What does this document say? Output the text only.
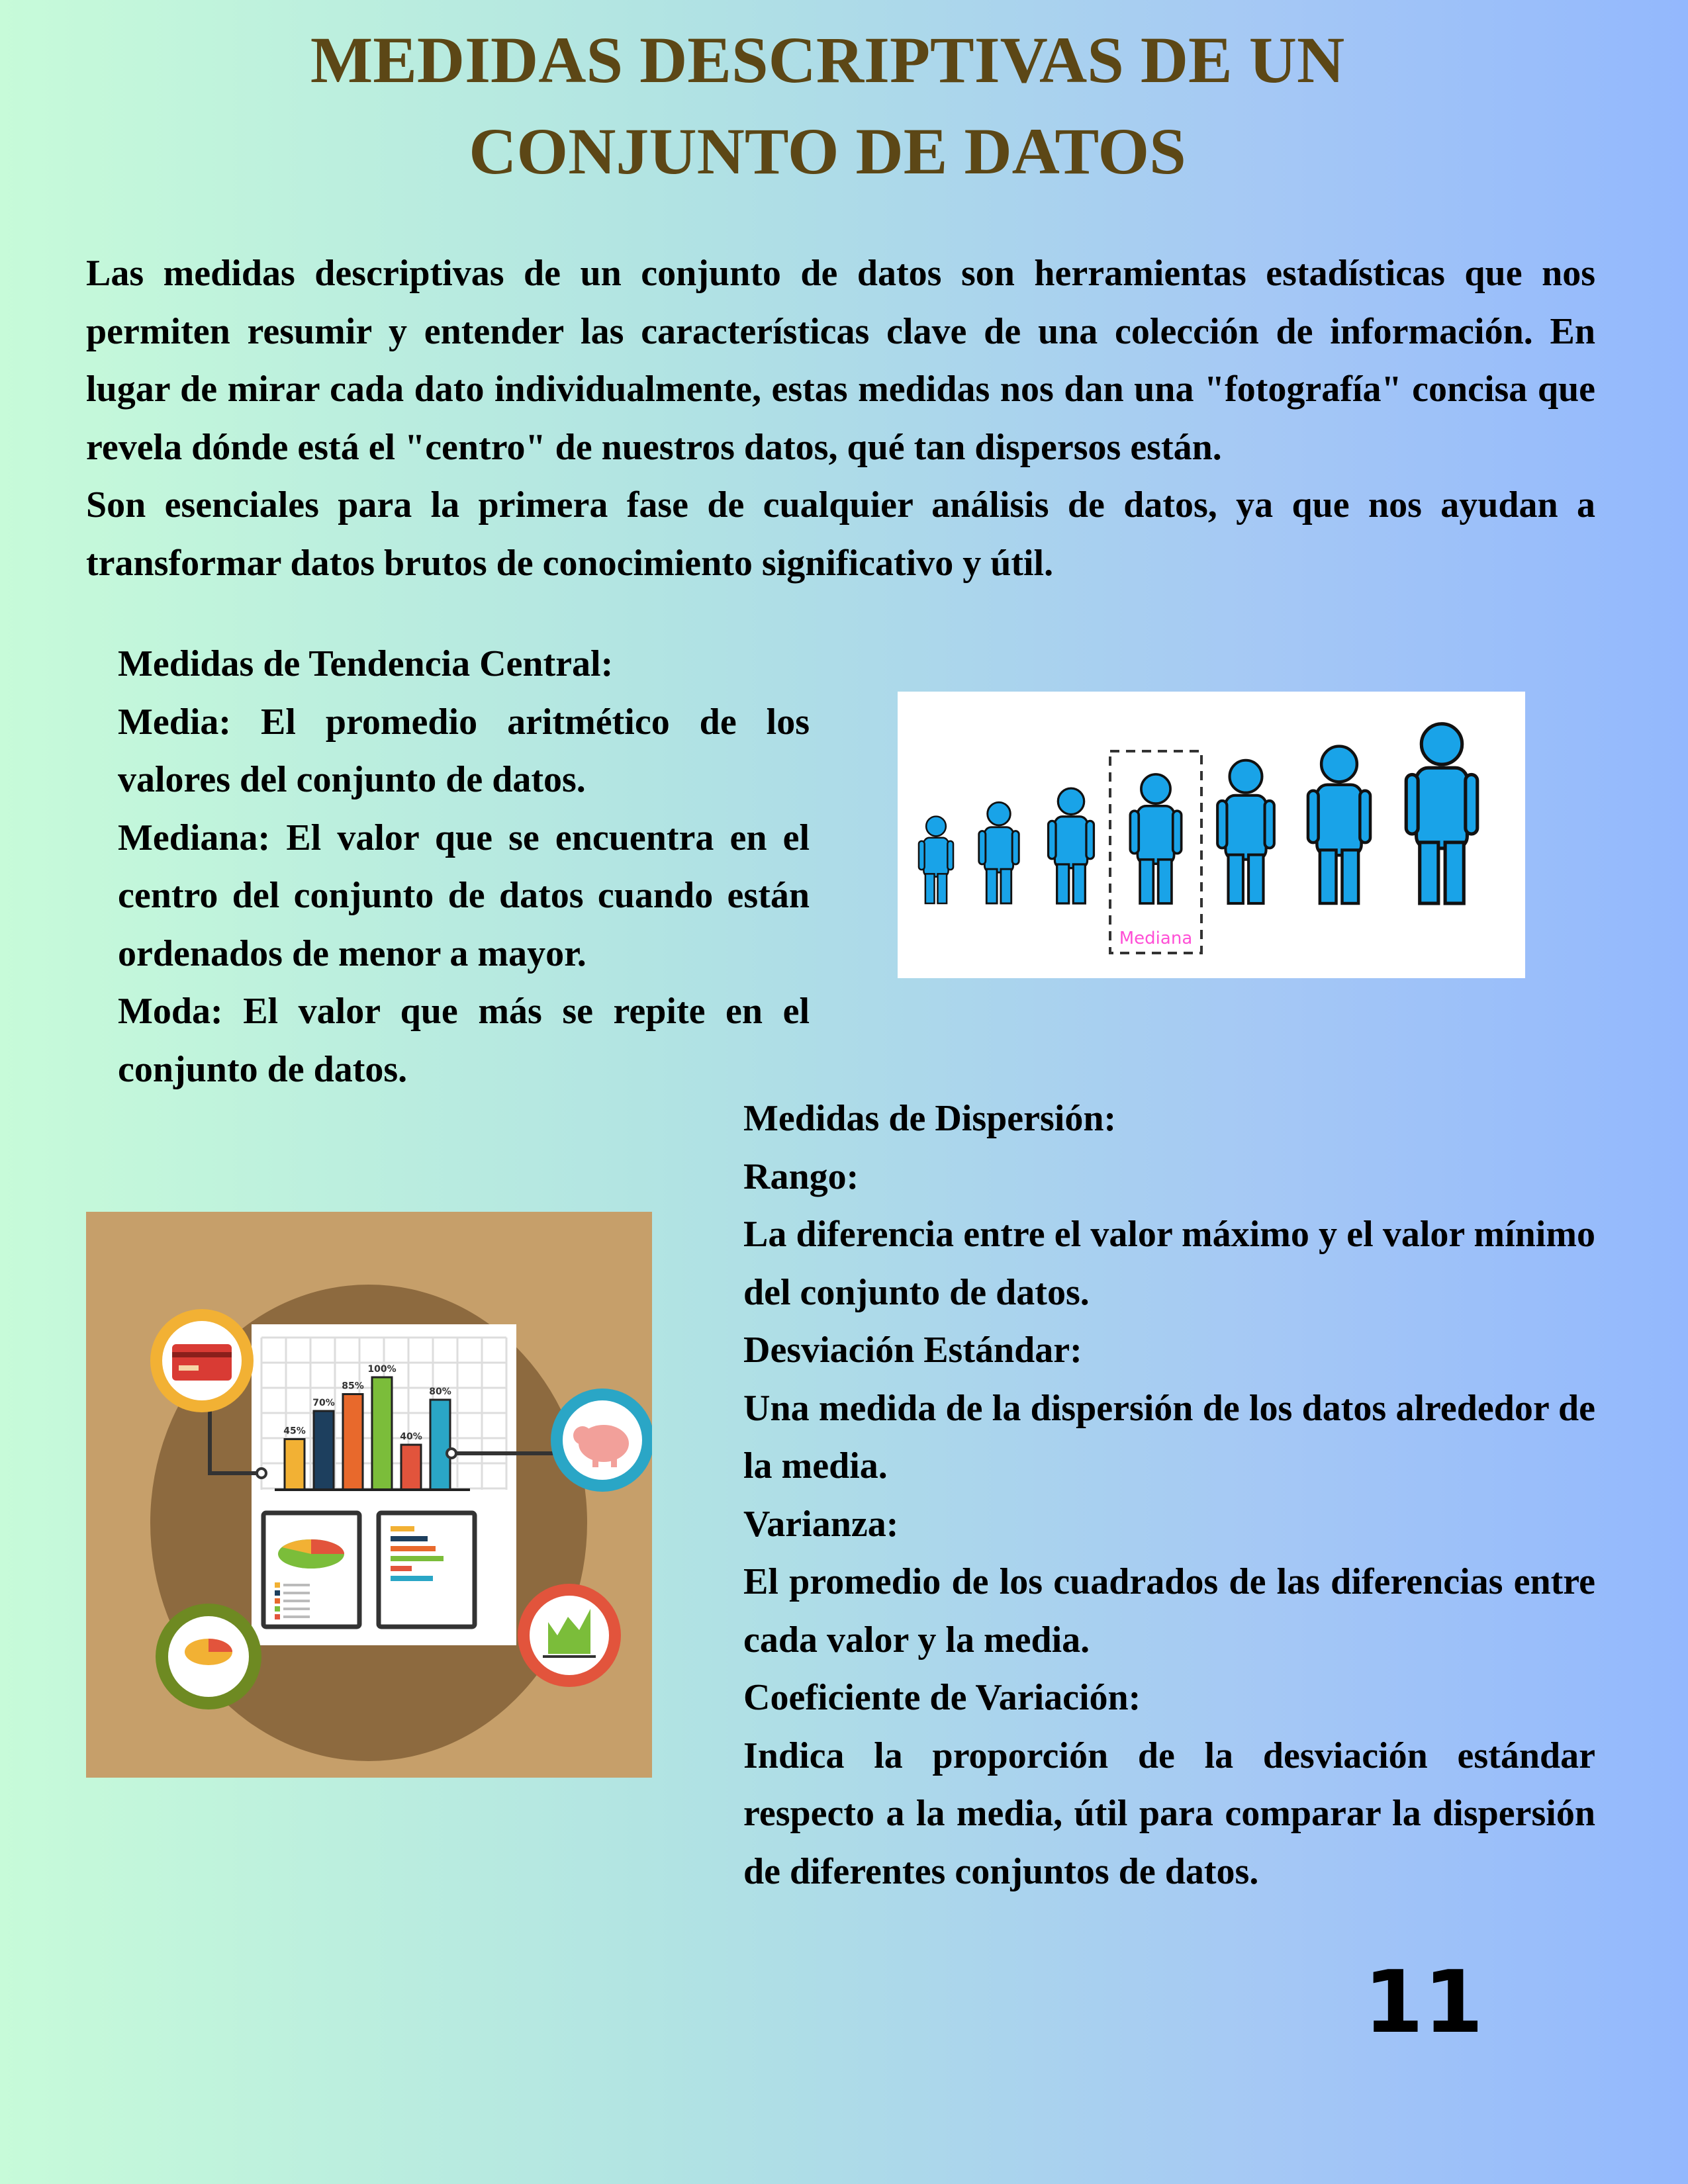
MEDIDAS DESCRIPTIVAS DE UN
CONJUNTO DE DATOS

Las medidas descriptivas de un conjunto de datos son herramientas estadísticas que nos permiten resumir y entender las características clave de una colección de información. En lugar de mirar cada dato individualmente, estas medidas nos dan una "fotografía" concisa que revela dónde está el "centro" de nuestros datos, qué tan dispersos están.

Son esenciales para la primera fase de cualquier análisis de datos, ya que nos ayudan a transformar datos brutos de conocimiento significativo y útil.

Medidas de Tendencia Central:

Media: El promedio aritmético de los valores del conjunto de datos.

Mediana: El valor que se encuentra en el centro del conjunto de datos cuando están ordenados de menor a mayor.

Moda: El valor que más se repite en el conjunto de datos.

Mediana

Medidas de Dispersión:

Rango:

La diferencia entre el valor máximo y el valor mínimo del conjunto de datos.

Desviación Estándar:

Una medida de la dispersión de los datos alrededor de la media.

Varianza:

El promedio de los cuadrados de las diferencias entre cada valor y la media.

Coeficiente de Variación:

Indica la proporción de la desviación estándar respecto a la media, útil para comparar la dispersión de diferentes conjuntos de datos.

45%
70%
85%
100%
40%
80%

11
